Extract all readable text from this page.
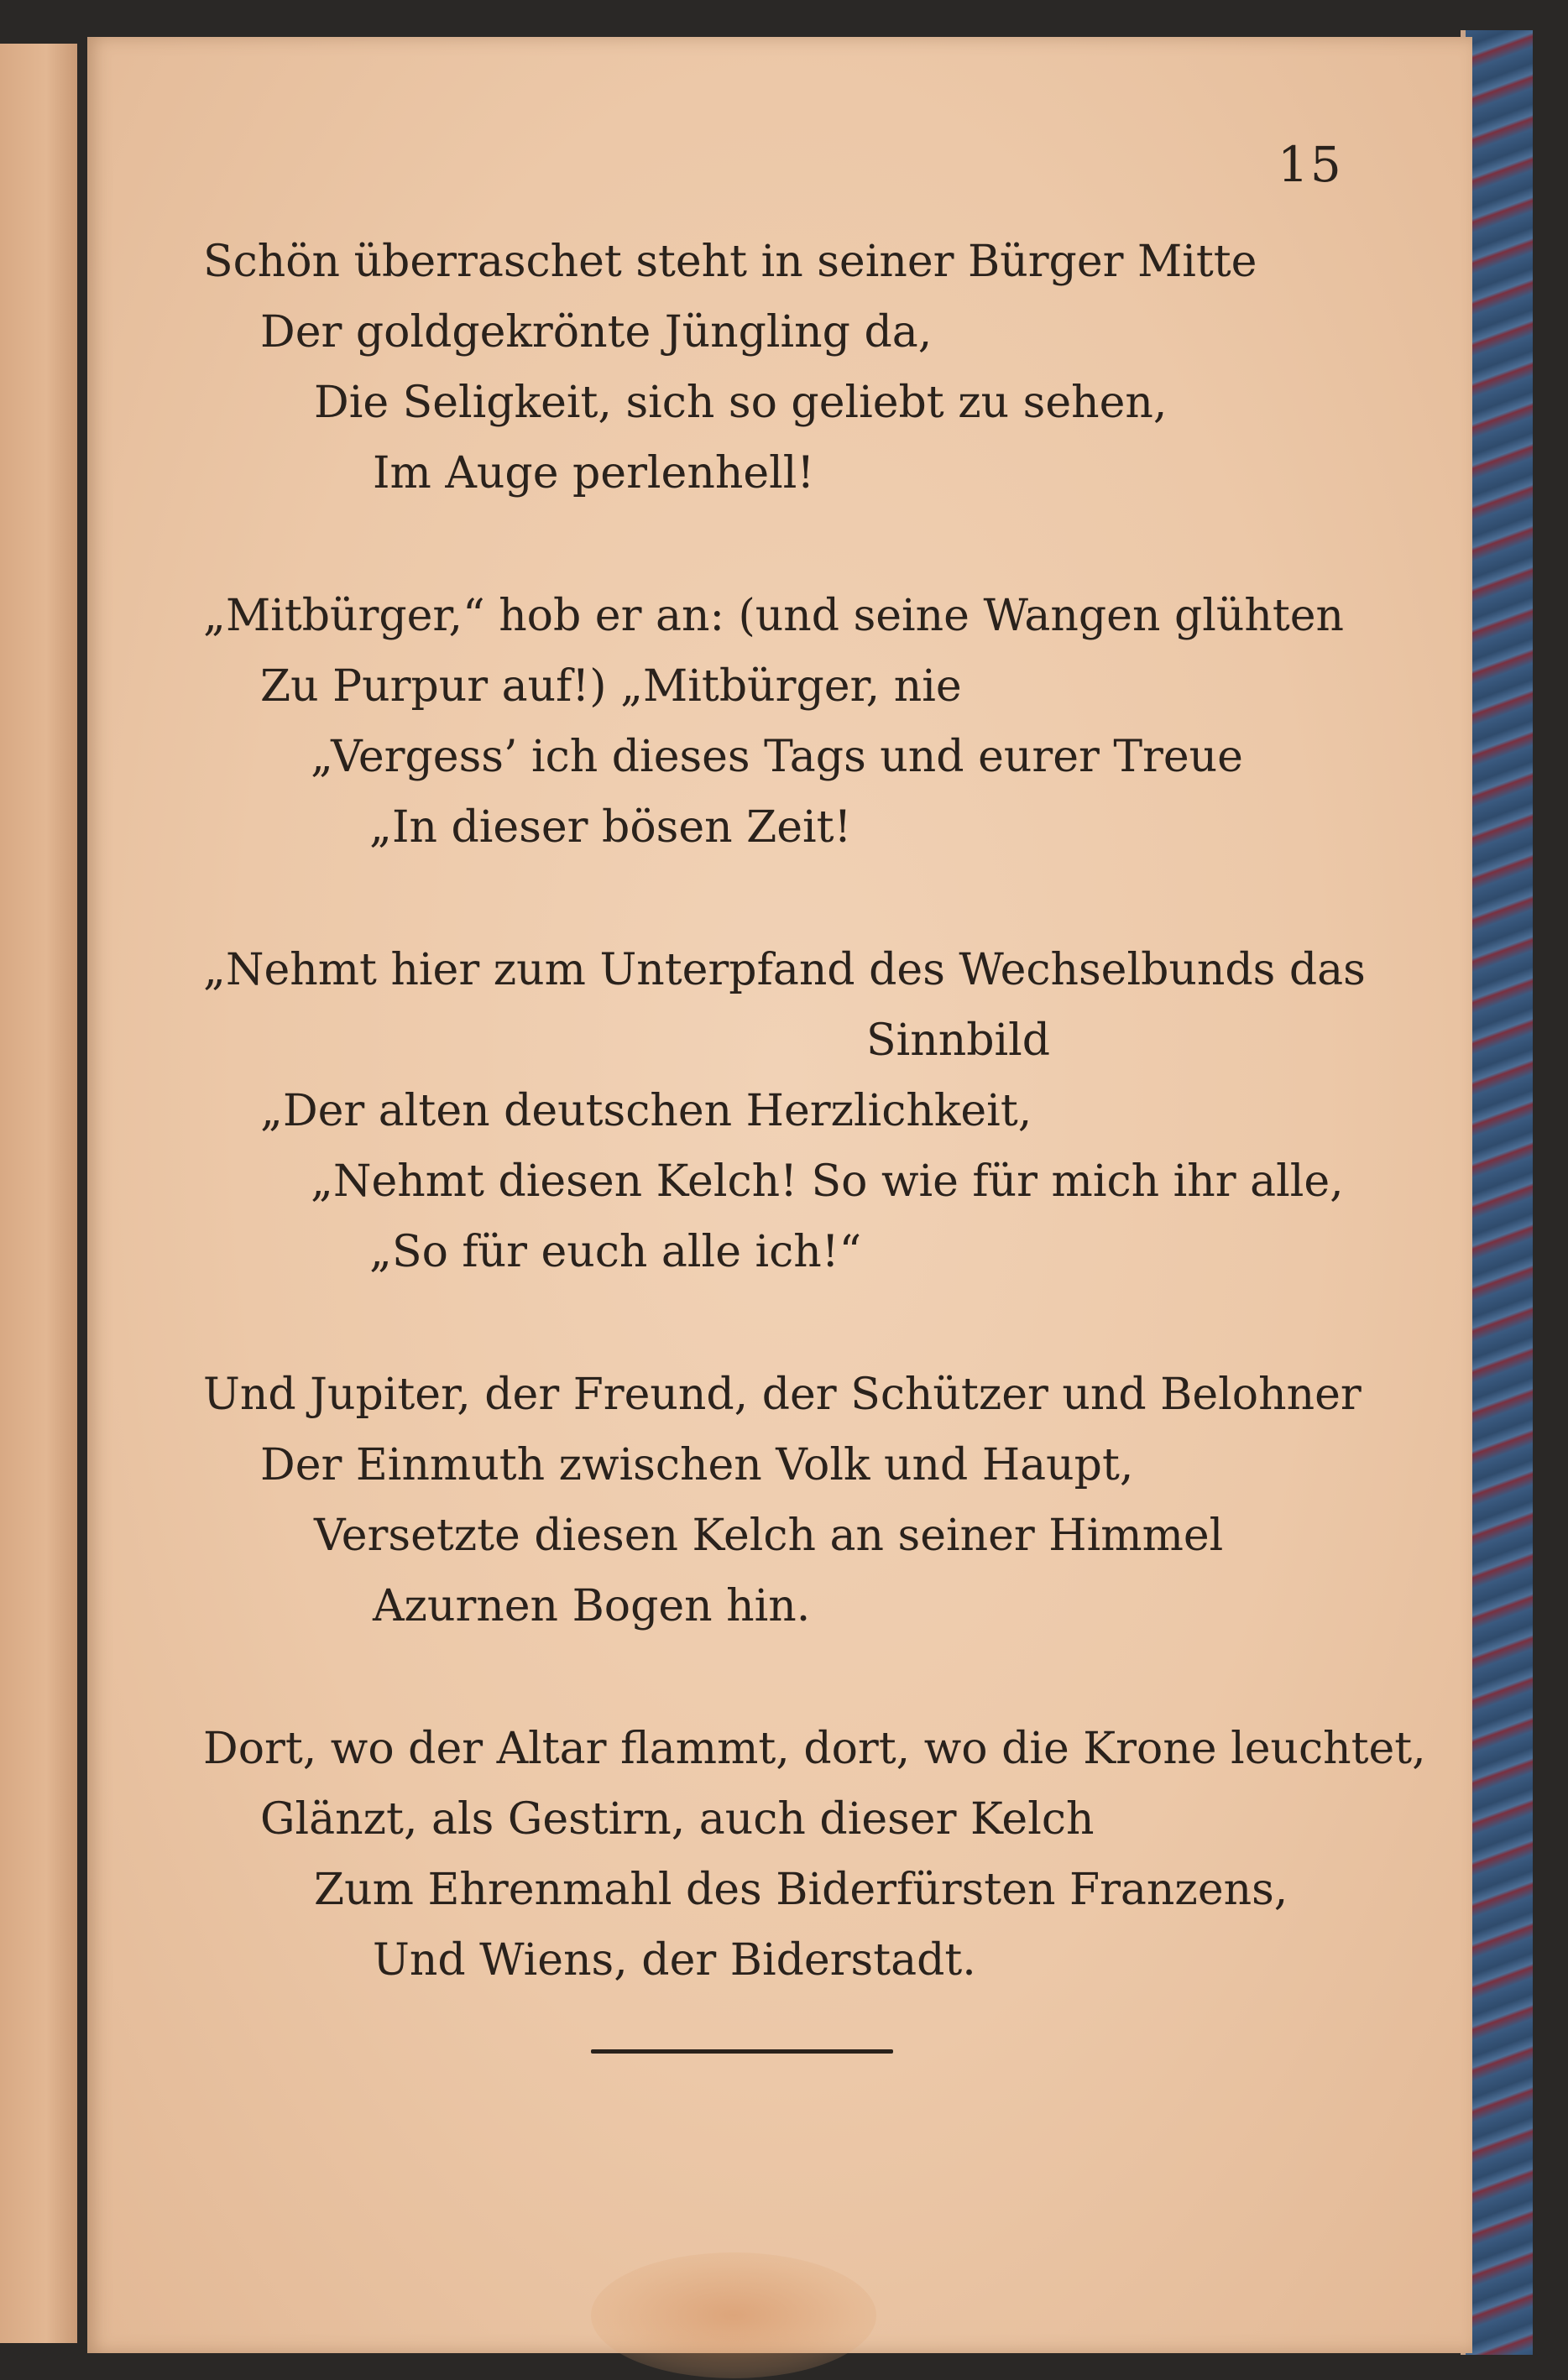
15
Schön überraschet steht in seiner Bürger Mitte
Der goldgekrönte Jüngling da,
Die Seligkeit, sich so geliebt zu sehen,
Im Auge perlenhell!
„Mitbürger,“ hob er an: (und seine Wangen glühten
Zu Purpur auf!) „Mitbürger, nie
„Vergess’ ich dieses Tags und eurer Treue
„In dieser bösen Zeit!
„Nehmt hier zum Unterpfand des Wechselbunds das
Sinnbild
„Der alten deutschen Herzlichkeit,
„Nehmt diesen Kelch! So wie für mich ihr alle,
„So für euch alle ich!“
Und Jupiter, der Freund, der Schützer und Belohner
Der Einmuth zwischen Volk und Haupt,
Versetzte diesen Kelch an seiner Himmel
Azurnen Bogen hin.
Dort, wo der Altar flammt, dort, wo die Krone leuchtet,
Glänzt, als Gestirn, auch dieser Kelch
Zum Ehrenmahl des Biderfürsten Franzens,
Und Wiens, der Biderstadt.
